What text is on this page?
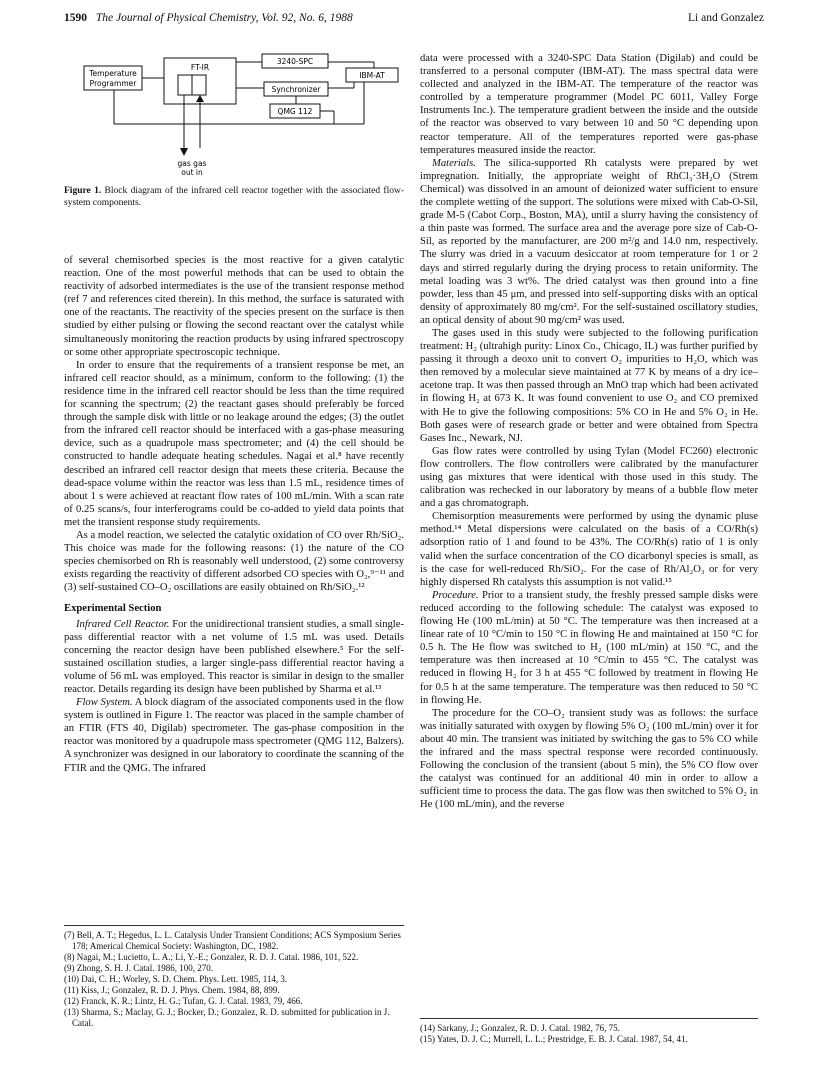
1590 The Journal of Physical Chemistry, Vol. 92, No. 6, 1988	Li and Gonzalez
FT-IR
3240-SPC
Temperature
Programmer
IBM-AT
Synchronizer
QMG 112
gas gas
out in
Figure 1. Block diagram of the infrared cell reactor together with the associated flow-system components.

of several chemisorbed species is the most reactive for a given catalytic reaction. One of the most powerful methods that can be used to obtain the reactivity of adsorbed intermediates is the use of the transient response method (ref 7 and references cited therein). In this method, the surface is saturated with one of the reactants. The reactivity of the species present on the surface is then studied by either pulsing or flowing the second reactant over the catalyst while simultaneously monitoring the reaction products by using infrared spectroscopy or some other appropriate spectroscopic technique.

In order to ensure that the requirements of a transient response be met, an infrared cell reactor should, as a minimum, conform to the following: (1) the residence time in the infrared cell reactor should be less than the time required for scanning the spectrum; (2) the reactant gases should preferably be forced through the sample disk with little or no leakage around the edges; (3) the outlet from the infrared cell reactor should be interfaced with a gas-phase measuring device, such as a quadrupole mass spectrometer; and (4) the cell should be constructed to handle adequate heating schedules. Nagai et al.⁸ have recently described an infrared cell reactor design that meets these criteria. Because the dead-space volume within the reactor was less than 1.5 mL, residence times of about 1 s were achieved at reactant flow rates of 100 mL/min. With a scan rate of 0.25 scans/s, four interferograms could be co-added to yield data points that met the transient response study requirements.

As a model reaction, we selected the catalytic oxidation of CO over Rh/SiO₂. This choice was made for the following reasons: (1) the nature of the CO species chemisorbed on Rh is reasonably well understood, (2) some controversy exists regarding the reactivity of different adsorbed CO species with O₂,⁹⁻¹¹ and (3) self-sustained CO–O₂ oscillations are easily obtained on Rh/SiO₂.¹²

Experimental Section

Infrared Cell Reactor. For the unidirectional transient studies, a small single-pass differential reactor with a net volume of 1.5 mL was used. Details concerning the reactor design have been published elsewhere.⁵ For the self-sustained oscillation studies, a larger single-pass differential reactor having a volume of 56 mL was employed. This reactor is similar in design to the smaller reactor. Details regarding its design have been published by Sharma et al.¹³

Flow System. A block diagram of the associated components used in the flow system is outlined in Figure 1. The reactor was placed in the sample chamber of an FTIR (FTS 40, Digilab) spectrometer. The gas-phase composition in the reactor was monitored by a quadrupole mass spectrometer (QMG 112, Balzers). A synchronizer was designed in our laboratory to coordinate the scanning of the FTIR and the QMG. The infrared

(7) Bell, A. T.; Hegedus, L. L. Catalysis Under Transient Conditions; ACS Symposium Series 178; Americal Chemical Society: Washington, DC, 1982.
(8) Nagai, M.; Lucietto, L. A.; Li, Y.-E.; Gonzalez, R. D. J. Catal. 1986, 101, 522.
(9) Zhong, S. H. J. Catal. 1986, 100, 270.
(10) Dai, C. H.; Worley, S. D. Chem. Phys. Lett. 1985, 114, 3.
(11) Kiss, J.; Gonzalez, R. D. J. Phys. Chem. 1984, 88, 899.
(12) Franck, K. R.; Lintz, H. G.; Tufan, G. J. Catal. 1983, 79, 466.
(13) Sharma, S.; Maclay, G. J.; Bocker, D.; Gonzalez, R. D. submitted for publication in J. Catal.

data were processed with a 3240-SPC Data Station (Digilab) and could be transferred to a personal computer (IBM-AT). The mass spectral data were collected and analyzed in the IBM-AT. The temperature of the reactor was controlled by a temperature programmer (Model PC 6011, Valley Forge Instruments Inc.). The temperature gradient between the inside and the outside of the reactor was observed to vary between 10 and 50 °C depending upon reactor temperature. All of the temperatures reported were gas-phase temperatures measured inside the reactor.

Materials. The silica-supported Rh catalysts were prepared by wet impregnation. Initially, the appropriate weight of RhCl₃·3H₂O (Strem Chemical) was dissolved in an amount of deionized water sufficient to ensure the complete wetting of the support. The solutions were mixed with Cab-O-Sil, grade M-5 (Cabot Corp., Boston, MA), until a slurry having the consistency of a thin paste was formed. The surface area and the average pore size of Cab-O-Sil, as reported by the manufacturer, are 200 m²/g and 14.0 nm, respectively. The slurry was dried in a vacuum desiccator at room temperature for 1 or 2 days and stirred regularly during the drying process to retain uniformity. The metal loading was 3 wt%. The dried catalyst was then ground into a fine powder, less than 45 μm, and pressed into self-supporting disks with an optical density of approximately 80 mg/cm². For the self-sustained oscillatory studies, an optical density of about 90 mg/cm² was used.

The gases used in this study were subjected to the following purification treatment: H₂ (ultrahigh purity: Linox Co., Chicago, IL) was further purified by passing it through a deoxo unit to convert O₂ impurities to H₂O, which was then removed by a molecular sieve maintained at 77 K by means of a dry ice–acetone trap. It was then passed through an MnO trap which had been activated in flowing H₂ at 673 K. It was found convenient to use O₂ and CO premixed with He to give the following compositions: 5% CO in He and 5% O₂ in He. Both gases were of research grade or better and were obtained from Spectra Gases Inc., Newark, NJ.

Gas flow rates were controlled by using Tylan (Model FC260) electronic flow controllers. The flow controllers were calibrated by the manufacturer using gas mixtures that were identical with those used in this study. The calibration was rechecked in our laboratory by means of a bubble flow meter and a gas chromatograph.

Chemisorption measurements were performed by using the dynamic pluse method.¹⁴ Metal dispersions were calculated on the basis of a CO/Rh(s) adsorption ratio of 1 and found to be 43%. The CO/Rh(s) ratio of 1 is only valid when the surface concentration of the CO dicarbonyl species is small, as is the case for well-reduced Rh/SiO₂. For the case of Rh/Al₂O₃ or for very highly dispersed Rh catalysts this assumption is not valid.¹⁵

Procedure. Prior to a transient study, the freshly pressed sample disks were reduced according to the following schedule: The catalyst was exposed to flowing He (100 mL/min) at 50 °C. The temperature was then increased at a linear rate of 10 °C/min to 150 °C in flowing He and maintained at 150 °C for 0.5 h. The He flow was switched to H₂ (100 mL/min) at 150 °C, and the temperature was then increased at 10 °C/min to 455 °C. The catalyst was reduced in flowing H₂ for 3 h at 455 °C followed by treatment in flowing He for 0.5 h at the same temperature. The temperature was then reduced to 50 °C in flowing He.

The procedure for the CO–O₂ transient study was as follows: the surface was initially saturated with oxygen by flowing 5% O₂ (100 mL/min) over it for about 40 min. The transient was initiated by switching the gas to 5% CO while the infrared and the mass spectral response were recorded continuously. Following the conclusion of the transient (about 5 min), the 5% CO flow over the catalyst was continued for an additional 40 min in order to allow a sufficient time to process the data. The gas flow was then switched to 5% O₂ in He (100 mL/min), and the reverse

(14) Sarkany, J.; Gonzalez, R. D. J. Catal. 1982, 76, 75.
(15) Yates, D. J. C.; Murrell, L. L.; Prestridge, E. B. J. Catal. 1987, 54, 41.
